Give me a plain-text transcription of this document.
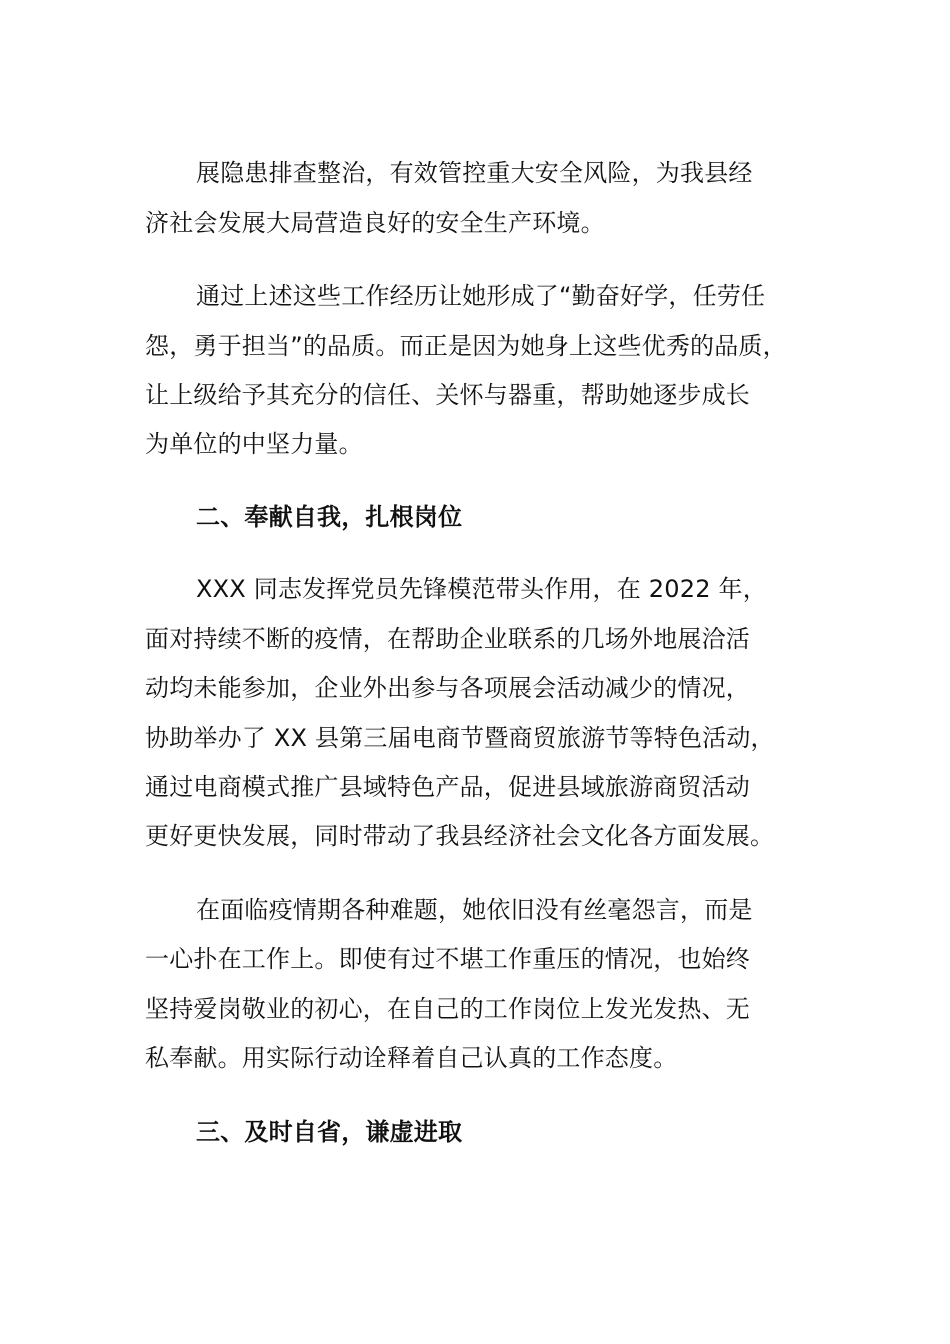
展隐患排查整治，有效管控重大安全风险，为我县经
济社会发展大局营造良好的安全生产环境。
通过上述这些工作经历让她形成了“勤奋好学，任劳任
怨，勇于担当”的品质。而正是因为她身上这些优秀的品质，
让上级给予其充分的信任、关怀与器重，帮助她逐步成长
为单位的中坚力量。
二、奉献自我，扎根岗位
XXX 同志发挥党员先锋模范带头作用，在 2022 年，
面对持续不断的疫情，在帮助企业联系的几场外地展洽活
动均未能参加，企业外出参与各项展会活动减少的情况，
协助举办了 XX 县第三届电商节暨商贸旅游节等特色活动，
通过电商模式推广县域特色产品，促进县域旅游商贸活动
更好更快发展，同时带动了我县经济社会文化各方面发展。
在面临疫情期各种难题，她依旧没有丝毫怨言，而是
一心扑在工作上。即使有过不堪工作重压的情况，也始终
坚持爱岗敬业的初心，在自己的工作岗位上发光发热、无
私奉献。用实际行动诠释着自己认真的工作态度。
三、及时自省，谦虚进取
